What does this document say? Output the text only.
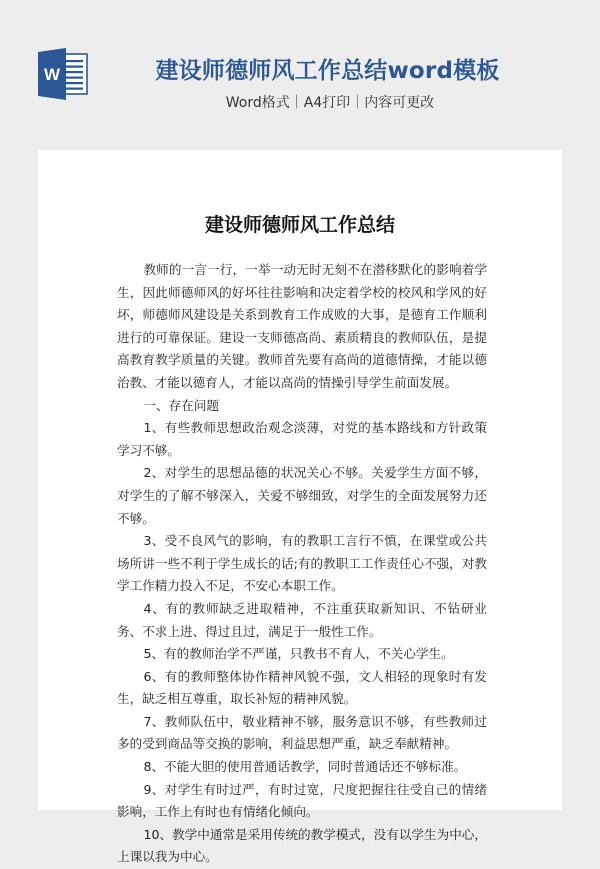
W	建设师德师风工作总结word模板
Word格式｜A4打印｜内容可更改
建设师德师风工作总结

教师的一言一行，一举一动无时无刻不在潜移默化的影响着学生，因此师德师风的好坏往往影响和决定着学校的校风和学风的好坏，师德师风建设是关系到教育工作成败的大事，是德育工作顺利进行的可靠保证。建设一支师德高尚、素质精良的教师队伍，是提高教育教学质量的关键。教师首先要有高尚的道德情操，才能以德治教、才能以德育人，才能以高尚的情操引导学生前面发展。

一、存在问题

1、有些教师思想政治观念淡薄，对党的基本路线和方针政策学习不够。

2、对学生的思想品德的状况关心不够。关爱学生方面不够，对学生的了解不够深入，关爱不够细致，对学生的全面发展努力还不够。

3、受不良风气的影响，有的教职工言行不慎，在课堂或公共场所讲一些不利于学生成长的话;有的教职工工作责任心不强，对教学工作精力投入不足，不安心本职工作。

4、有的教师缺乏进取精神，不注重获取新知识、不钻研业务、不求上进、得过且过，满足于一般性工作。

5、有的教师治学不严谨，只教书不育人，不关心学生。

6、有的教师整体协作精神风貌不强，文人相轻的现象时有发生，缺乏相互尊重，取长补短的精神风貌。

7、教师队伍中，敬业精神不够，服务意识不够，有些教师过多的受到商品等交换的影响，利益思想严重，缺乏奉献精神。

8、不能大胆的使用普通话教学，同时普通话还不够标准。

9、对学生有时过严，有时过宽，尺度把握往往受自己的情绪影响，工作上有时也有情绪化倾向。

10、教学中通常是采用传统的教学模式，没有以学生为中心，上课以我为中心。
